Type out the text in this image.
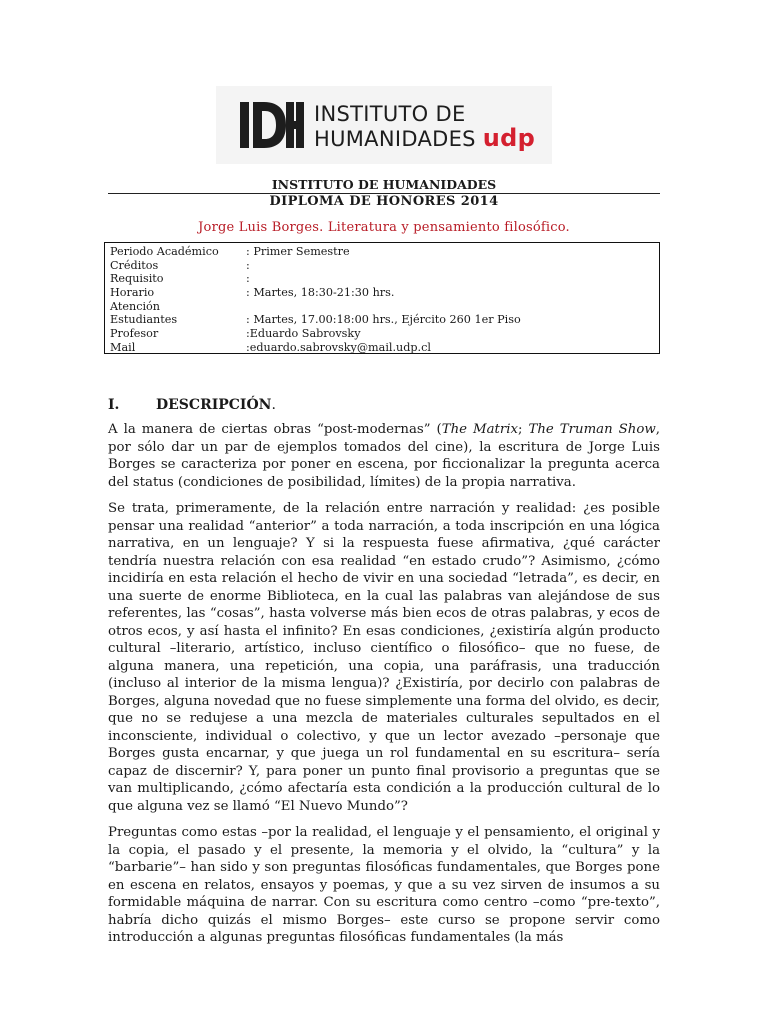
INSTITUTO DE
HUMANIDADES udp
INSTITUTO DE HUMANIDADES
DIPLOMA DE HONORES 2014
Jorge Luis Borges. Literatura y pensamiento filosófico.
Periodo Académico : Primer Semestre
Créditos	:
Requisito	:
Horario	: Martes, 18:30-21:30 hrs.
Atención
Estudiantes	: Martes, 17.00:18:00 hrs., Ejército 260 1er Piso
Profesor	:Eduardo Sabrovsky
Mail	:eduardo.sabrovsky@mail.udp.cl
I.	DESCRIPCIÓN.

A la manera de ciertas obras “post-modernas” (The Matrix; The Truman Show, por sólo dar un par de ejemplos tomados del cine), la escritura de Jorge Luis Borges se caracteriza por poner en escena, por ficcionalizar la pregunta acerca del status (condiciones de posibilidad, límites) de la propia narrativa.

Se trata, primeramente, de la relación entre narración y realidad: ¿es posible pensar una realidad “anterior” a toda narración, a toda inscripción en una lógica narrativa, en un lenguaje? Y si la respuesta fuese afirmativa, ¿qué carácter tendría nuestra relación con esa realidad “en estado crudo”? Asimismo, ¿cómo incidiría en esta relación el hecho de vivir en una sociedad “letrada”, es decir, en una suerte de enorme Biblioteca, en la cual las palabras van alejándose de sus referentes, las “cosas”, hasta volverse más bien ecos de otras palabras, y ecos de otros ecos, y así hasta el infinito? En esas condiciones, ¿existiría algún producto cultural –literario, artístico, incluso científico o filosófico– que no fuese, de alguna manera, una repetición, una copia, una paráfrasis, una traducción (incluso al interior de la misma lengua)? ¿Existiría, por decirlo con palabras de Borges, alguna novedad que no fuese simplemente una forma del olvido, es decir, que no se redujese a una mezcla de materiales culturales sepultados en el inconsciente, individual o colectivo, y que un lector avezado –personaje que Borges gusta encarnar, y que juega un rol fundamental en su escritura– sería capaz de discernir? Y, para poner un punto final provisorio a preguntas que se van multiplicando, ¿cómo afectaría esta condición a la producción cultural de lo que alguna vez se llamó “El Nuevo Mundo”?

Preguntas como estas –por la realidad, el lenguaje y el pensamiento, el original y la copia, el pasado y el presente, la memoria y el olvido, la “cultura” y la “barbarie”– han sido y son preguntas filosóficas fundamentales, que Borges pone en escena en relatos, ensayos y poemas, y que a su vez sirven de insumos a su formidable máquina de narrar. Con su escritura como centro –como “pre-texto”, habría dicho quizás el mismo Borges– este curso se propone servir como introducción a algunas preguntas filosóficas fundamentales (la más
